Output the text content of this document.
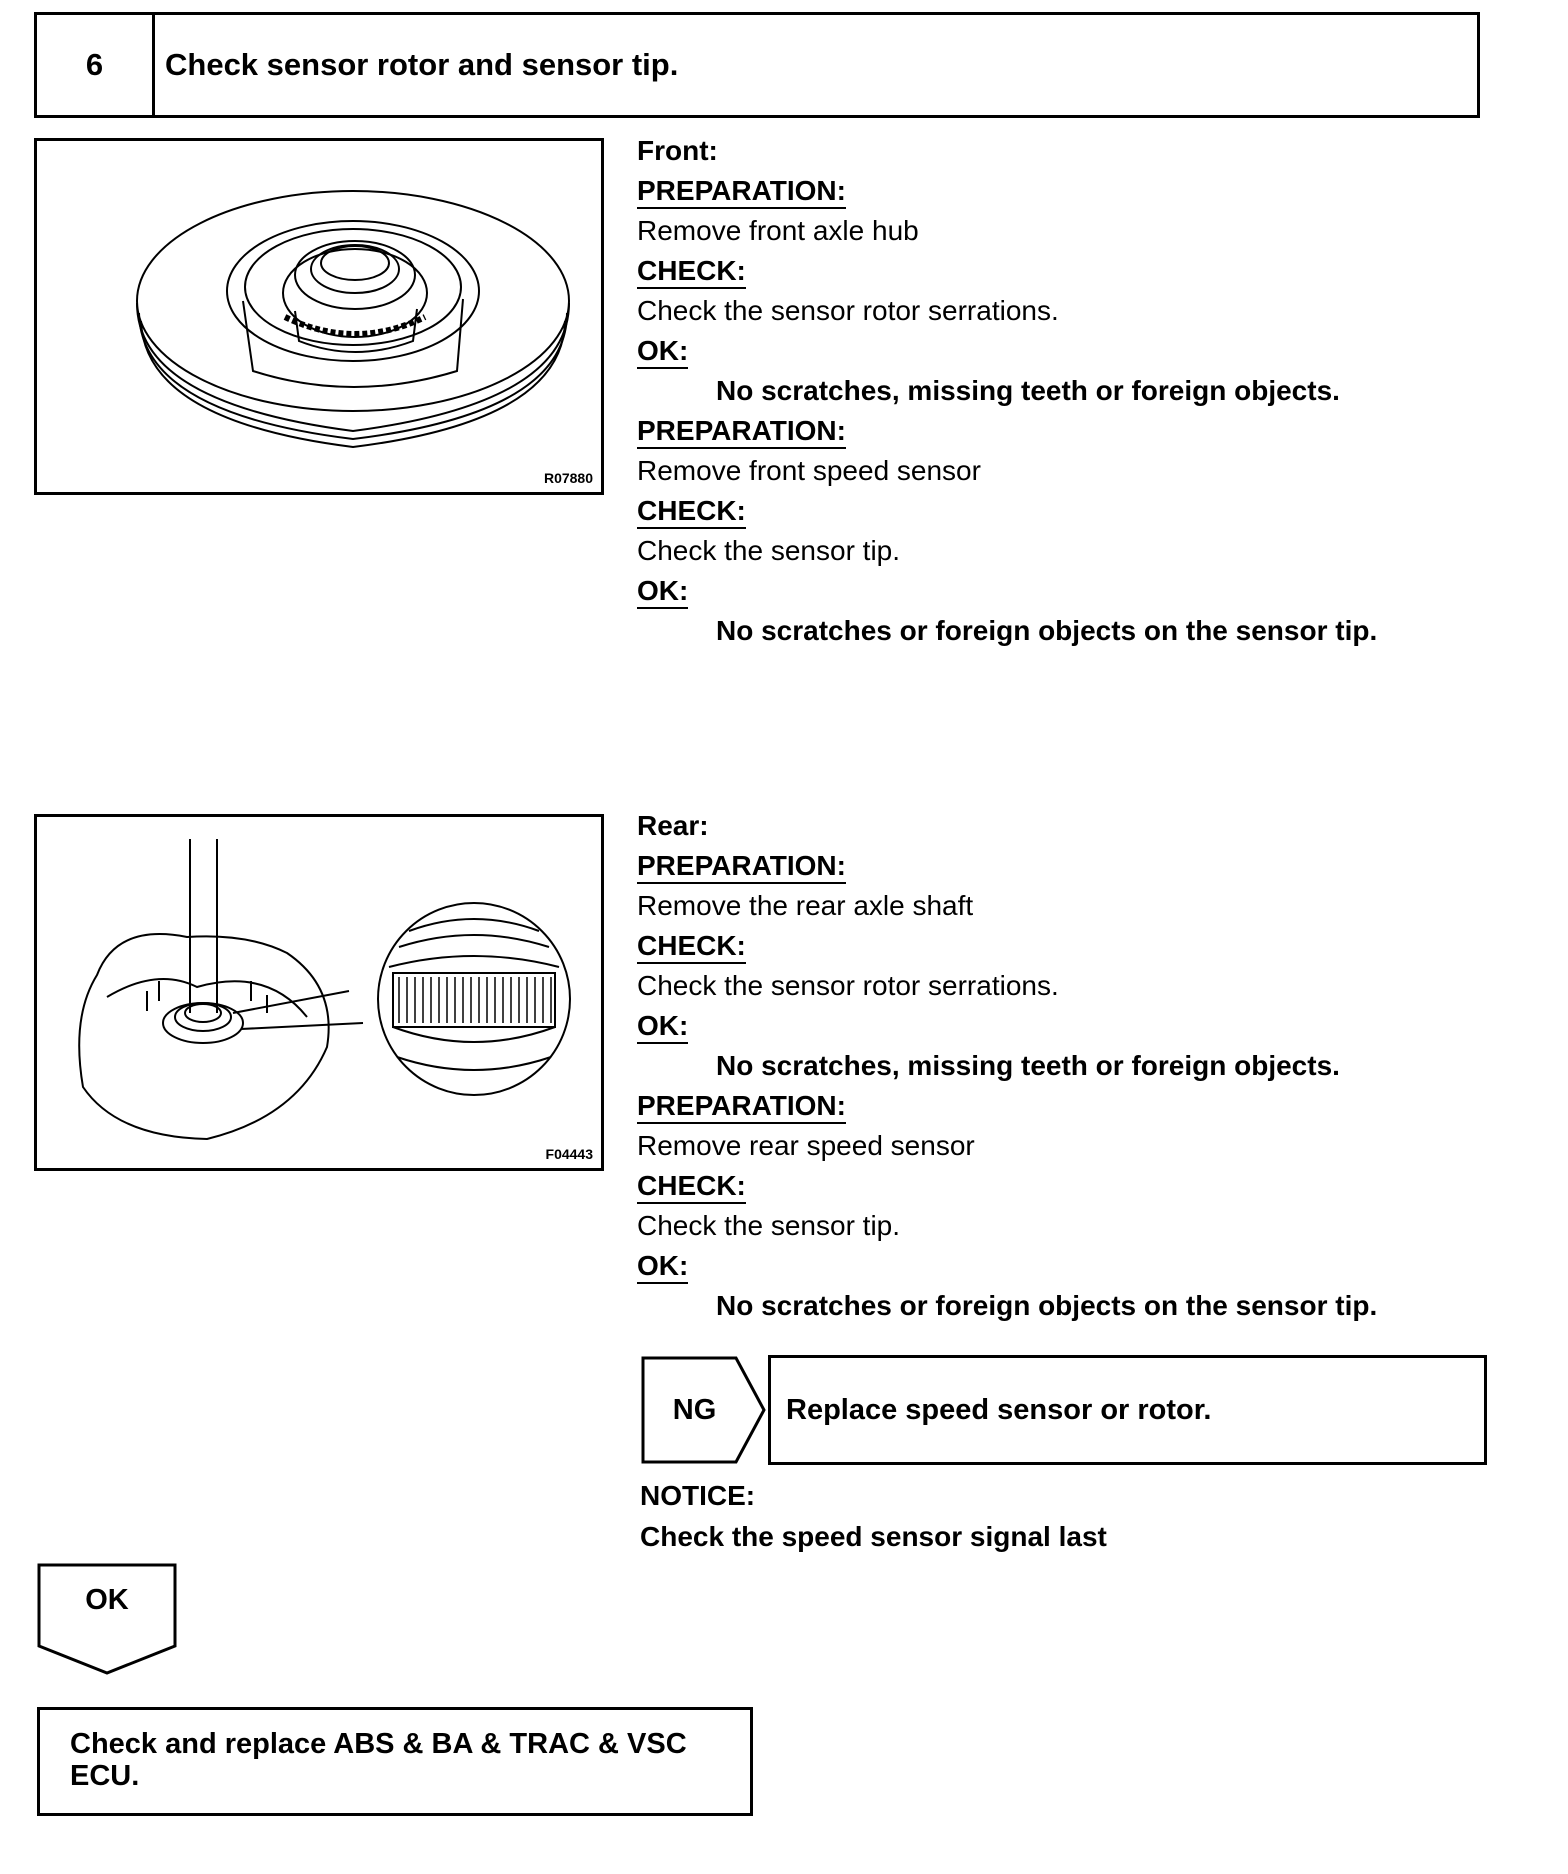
6	Check sensor rotor and sensor tip.
R07880
Front:
PREPARATION:
Remove front axle hub
CHECK:
Check the sensor rotor serrations.
OK:
No scratches, missing teeth or foreign objects.
PREPARATION:
Remove front speed sensor
CHECK:
Check the sensor tip.
OK:
No scratches or foreign objects on the sensor tip.
F04443
Rear:
PREPARATION:
Remove the rear axle shaft
CHECK:
Check the sensor rotor serrations.
OK:
No scratches, missing teeth or foreign objects.
PREPARATION:
Remove rear speed sensor
CHECK:
Check the sensor tip.
OK:
No scratches or foreign objects on the sensor tip.
NG	Replace speed sensor or rotor.
NOTICE:
Check the speed sensor signal last
OK
Check and replace ABS & BA & TRAC & VSC ECU.
